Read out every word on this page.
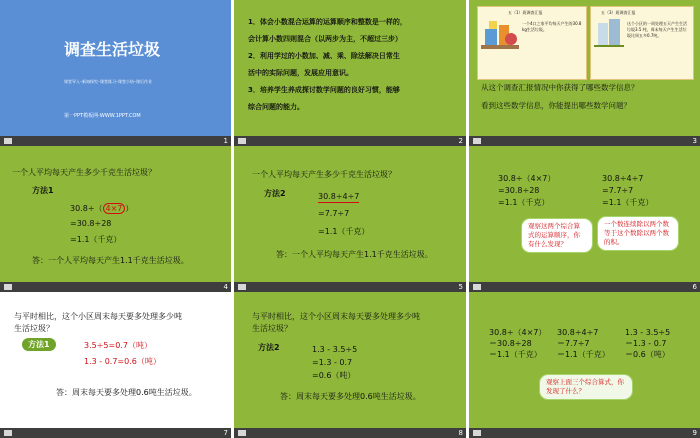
调查生活垃圾
课堂导入–新知探究–课堂练习–课堂小结–课后作业
第一PPT模板网-WWW.1PPT.COM
1
1．体会小数混合运算的运算顺序和整数是一样的，
会计算小数四则混合（以两步为主，不超过三步）
2．利用学过的小数加、减、乘、除法解决日常生
活中的实际问题，发展应用意识。
3．培养学生养成探讨数学问题的良好习惯，能够
综合问题的能力。
2
五（1）班调查汇报
一个4口之家平均每天产生的30.8 kg生活垃圾。
五（3）班调查汇报
这个小区的一周处理五天产生生活垃圾3.5 吨，周末每天产生生活垃圾比周五多0.7吨。
从这个调查汇报情况中你获得了哪些数学信息？
看到这些数学信息，你能提出哪些数学问题？
3
一个人平均每天产生多少千克生活垃圾？
方法1
30.8÷（ 4×7 ）
=30.8÷28
=1.1（千克）
答：一个人平均每天产生1.1千克生活垃圾。
4
一个人平均每天产生多少千克生活垃圾？
方法2	30.8÷4÷7
=7.7÷7
=1.1（千克）
答：一个人平均每天产生1.1千克生活垃圾。
5
30.8÷（4×7）
=30.8÷28
=1.1（千克）
30.8÷4÷7
=7.7÷7
=1.1（千克）
观察这两个综合算式的运算顺序，你有什么发现？
一个数连续除以两个数等于这个数除以两个数的积。
6
与平时相比，这个小区周末每天要多处理多少吨
生活垃圾？
方法1	3.5÷5=0.7（吨）
1.3 - 0.7=0.6（吨）
答：周末每天要多处理0.6吨生活垃圾。
7
与平时相比，这个小区周末每天要多处理多少吨
生活垃圾？
方法2	1.3 - 3.5÷5
=1.3 - 0.7
=0.6（吨）
答：周末每天要多处理0.6吨生活垃圾。
8
30.8÷（4×7）
＝30.8÷28
＝1.1（千克）
30.8÷4÷7
＝7.7÷7
＝1.1（千克）
1.3 - 3.5÷5
＝1.3 - 0.7
＝0.6（吨）
观察上面三个综合算式，你发现了什么？
9
